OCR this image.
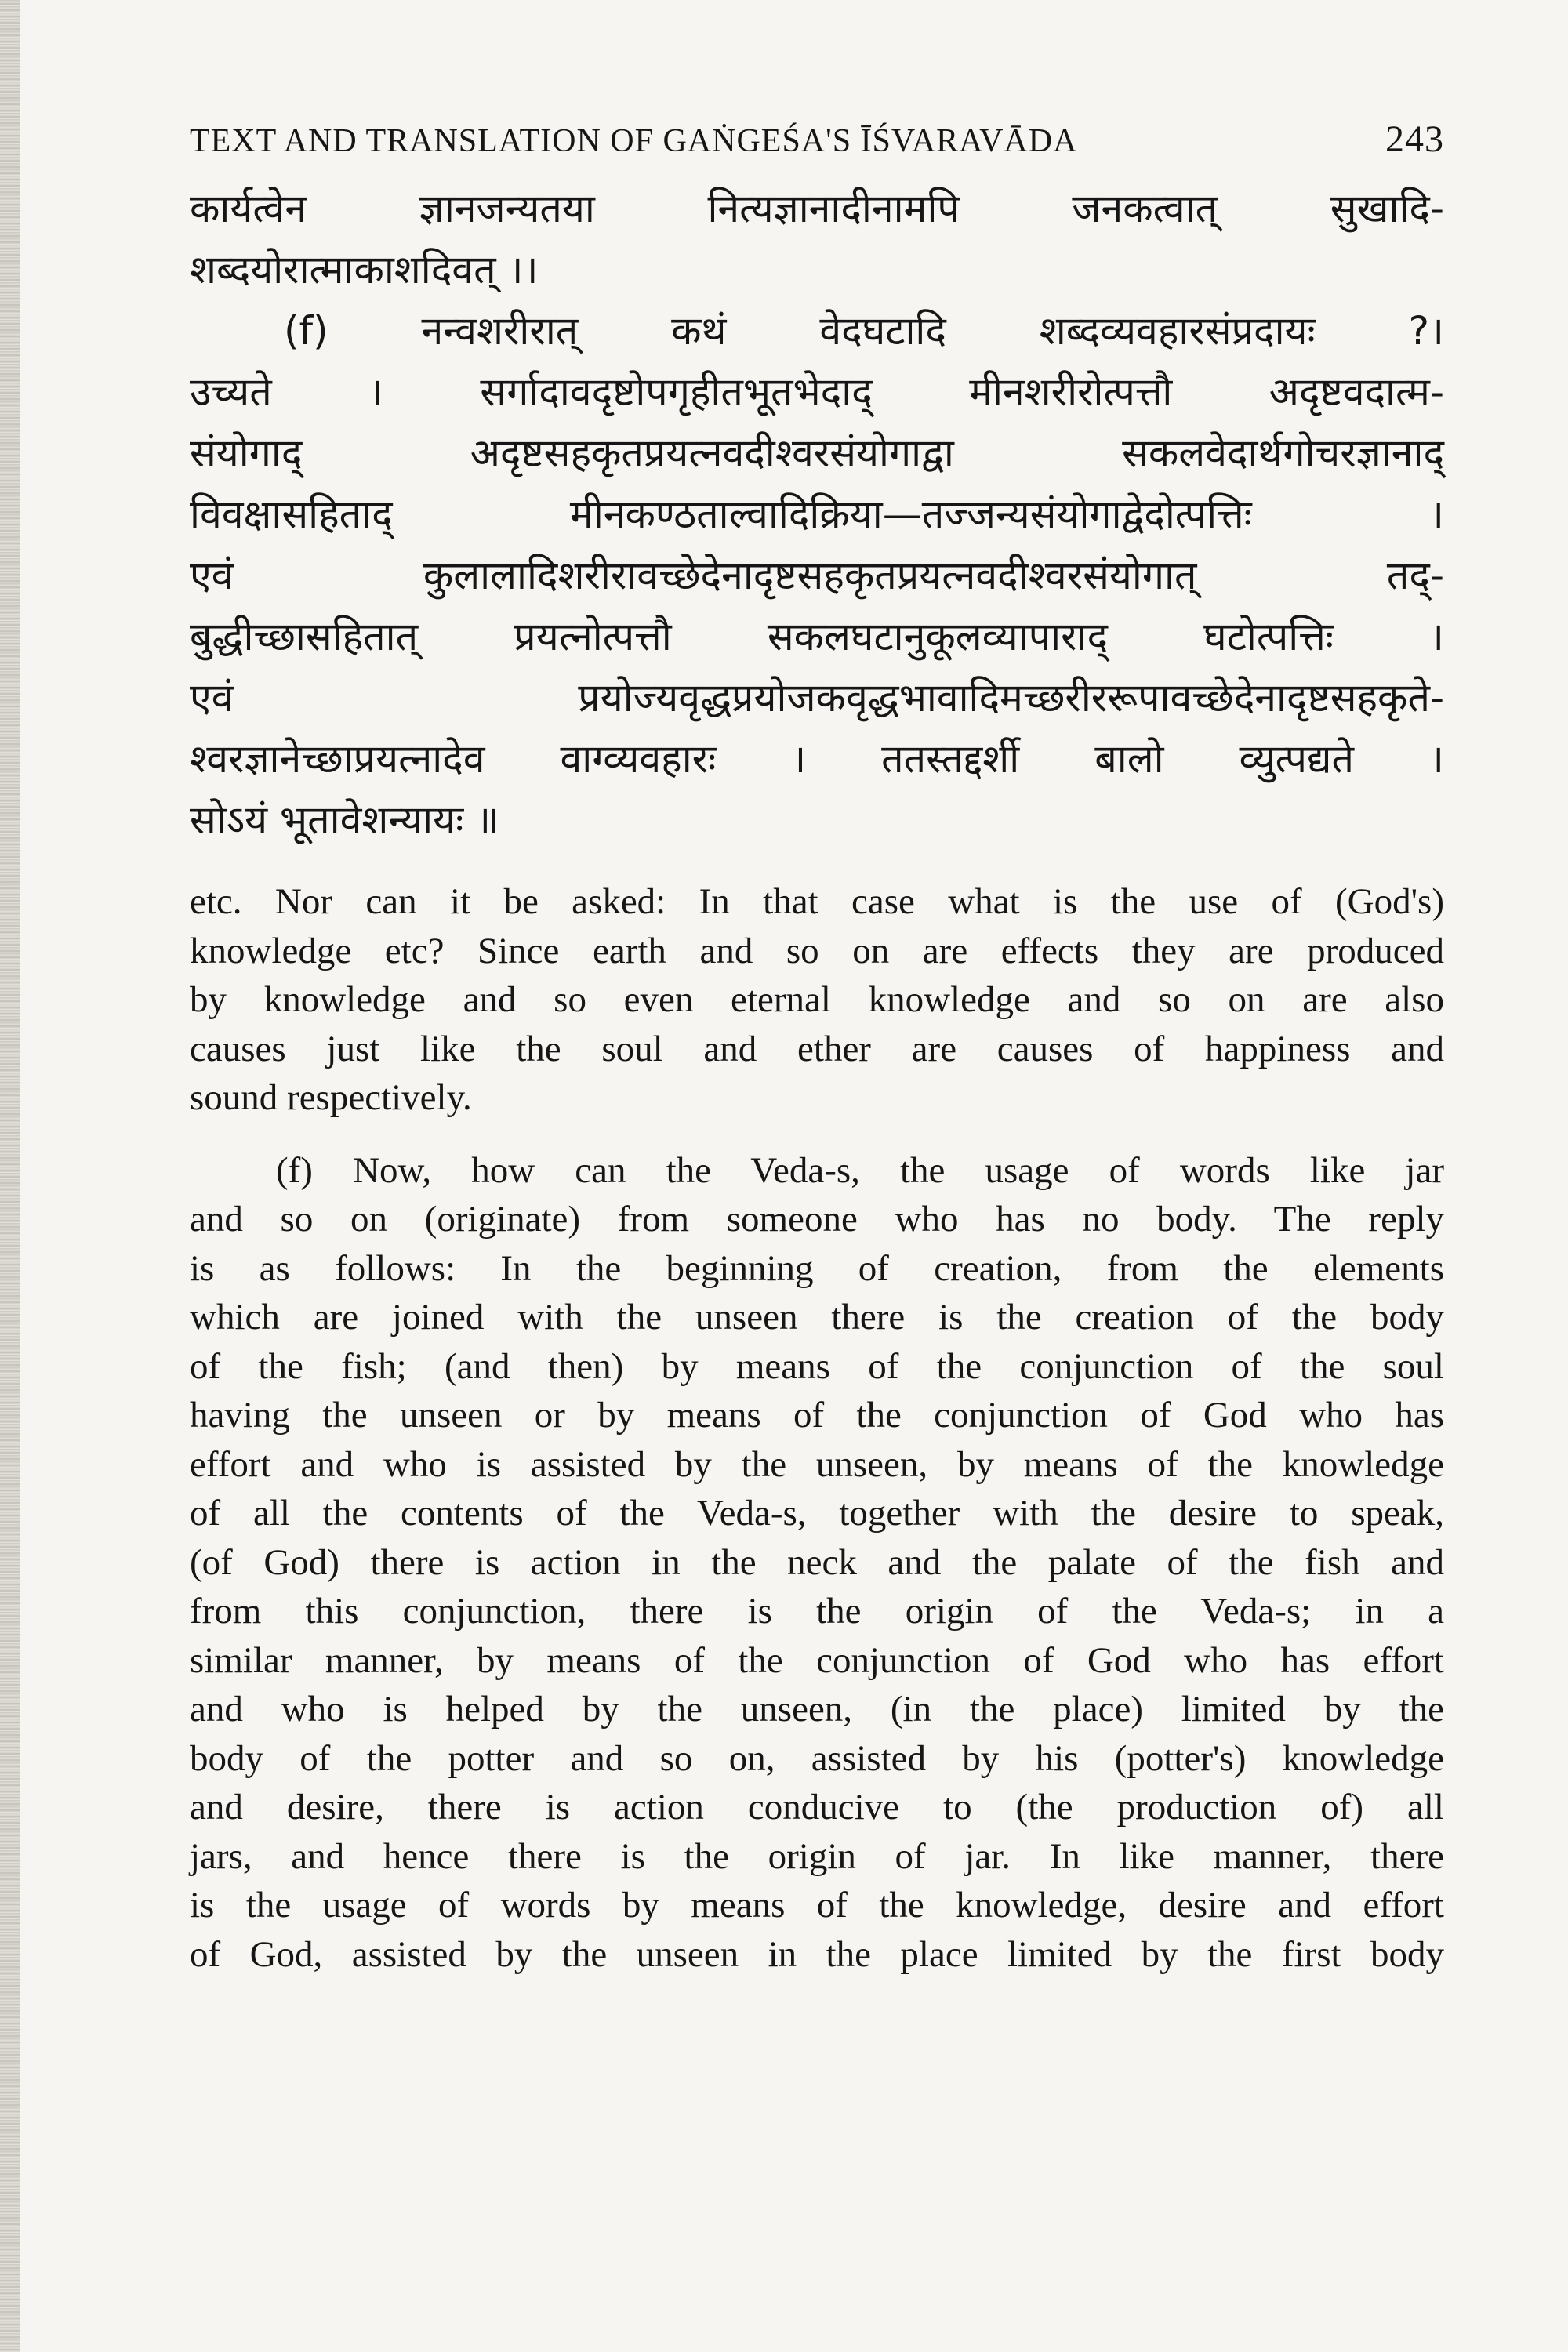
TEXT AND TRANSLATION OF GAṄGEŚA'S ĪŚVARAVĀDA	243
कार्यत्वेन ज्ञानजन्यतया नित्यज्ञानादीनामपि जनकत्वात् सुखादि-
शब्दयोरात्माकाशदिवत् ।।
(f) नन्वशरीरात् कथं वेदघटादि शब्दव्यवहारसंप्रदायः ?।
उच्यते । सर्गादावदृष्टोपगृहीतभूतभेदाद् मीनशरीरोत्पत्तौ अदृष्टवदात्म-
संयोगाद् अदृष्टसहकृतप्रयत्नवदीश्वरसंयोगाद्वा सकलवेदार्थगोचरज्ञानाद्
विवक्षासहिताद् मीनकण्ठताल्वादिक्रिया—तज्जन्यसंयोगाद्वेदोत्पत्तिः ।
एवं कुलालादिशरीरावच्छेदेनादृष्टसहकृतप्रयत्नवदीश्वरसंयोगात् तद्-
बुद्धीच्छासहितात् प्रयत्नोत्पत्तौ सकलघटानुकूलव्यापाराद् घटोत्पत्तिः ।
एवं प्रयोज्यवृद्धप्रयोजकवृद्धभावादिमच्छरीररूपावच्छेदेनादृष्टसहकृते-
श्वरज्ञानेच्छाप्रयत्नादेव वाग्व्यवहारः । ततस्तद्दर्शी बालो व्युत्पद्यते ।
सोऽयं भूतावेशन्यायः ॥

etc. Nor can it be asked: In that case what is the use of (God's)
knowledge etc? Since earth and so on are effects they are produced
by knowledge and so even eternal knowledge and so on are also
causes just like the soul and ether are causes of happiness and
sound respectively.

(f) Now, how can the Veda-s, the usage of words like jar
and so on (originate) from someone who has no body. The reply
is as follows: In the beginning of creation, from the elements
which are joined with the unseen there is the creation of the body
of the fish; (and then) by means of the conjunction of the soul
having the unseen or by means of the conjunction of God who has
effort and who is assisted by the unseen, by means of the knowledge
of all the contents of the Veda-s, together with the desire to speak,
(of God) there is action in the neck and the palate of the fish and
from this conjunction, there is the origin of the Veda-s; in a
similar manner, by means of the conjunction of God who has effort
and who is helped by the unseen, (in the place) limited by the
body of the potter and so on, assisted by his (potter's) knowledge
and desire, there is action conducive to (the production of) all
jars, and hence there is the origin of jar. In like manner, there
is the usage of words by means of the knowledge, desire and effort
of God, assisted by the unseen in the place limited by the first body
